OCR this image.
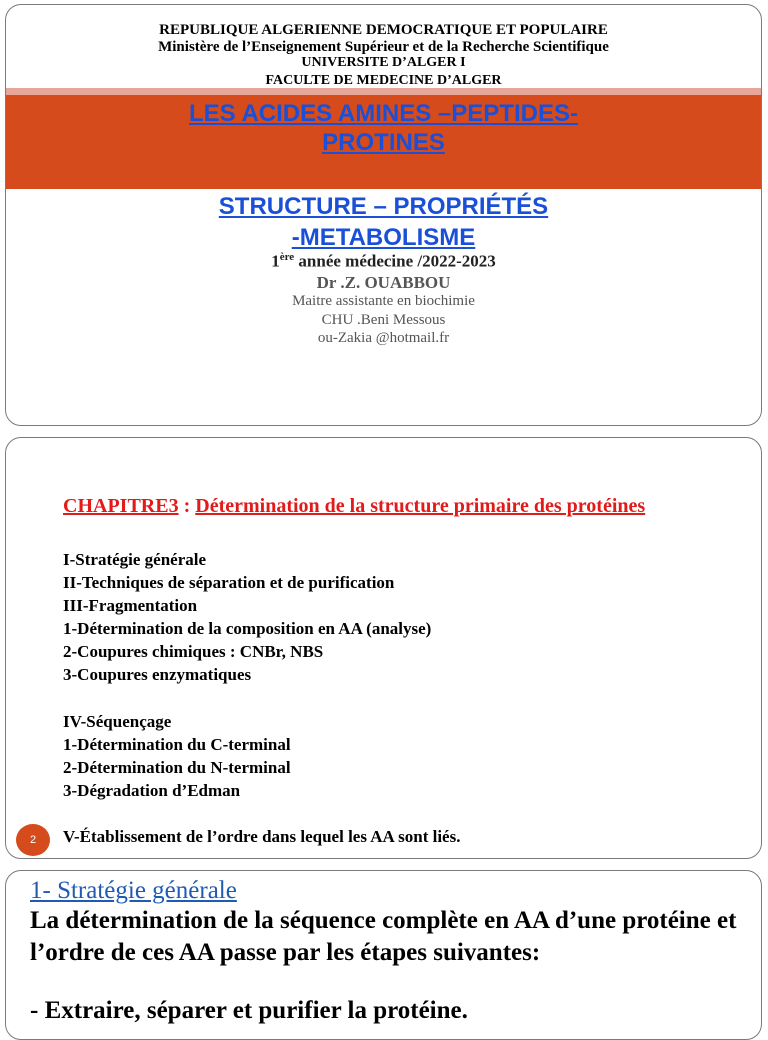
REPUBLIQUE ALGERIENNE DEMOCRATIQUE ET POPULAIRE
Ministère de l’Enseignement Supérieur et de la Recherche Scientifique
UNIVERSITE D’ALGER I
FACULTE DE MEDECINE D’ALGER
LES ACIDES AMINES –PEPTIDES-
PROTINES
STRUCTURE – PROPRIÉTÉS
-METABOLISME
1ère année médecine /2022-2023
Dr .Z. OUABBOU
Maitre assistante en biochimie
CHU .Beni Messous
ou-Zakia @hotmail.fr
CHAPITRE3 : Détermination de la structure primaire des protéines
I-Stratégie générale
II-Techniques de séparation et de purification
III-Fragmentation
1-Détermination de la composition en AA (analyse)
2-Coupures chimiques : CNBr, NBS
3-Coupures enzymatiques
IV-Séquençage
1-Détermination du C-terminal
2-Détermination du N-terminal
3-Dégradation d’Edman
2	V-Établissement de l’ordre dans lequel les AA sont liés.
1- Stratégie générale

La détermination de la séquence complète en AA d’une protéine et l’ordre de ces AA passe par les étapes suivantes:

- Extraire, séparer et purifier la protéine.
